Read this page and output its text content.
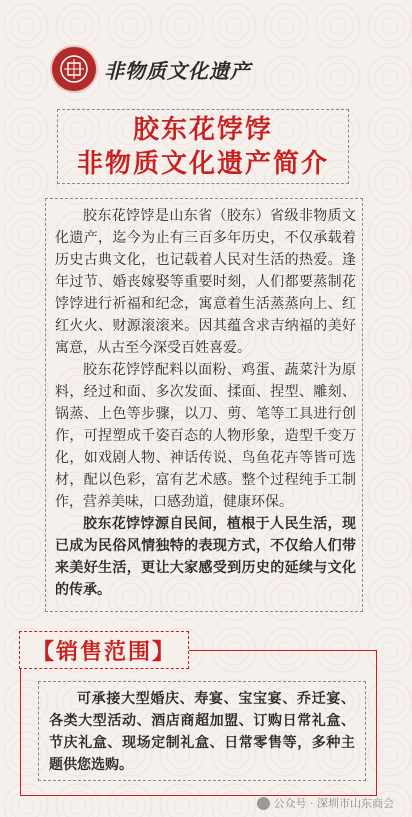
非物质文化遗产
胶东花饽饽
非物质文化遗产简介

胶东花饽饽是山东省（胶东）省级非物质文化遗产，迄今为止有三百多年历史，不仅承载着历史古典文化，也记载着人民对生活的热爱。逢年过节、婚丧嫁娶等重要时刻，人们都要蒸制花饽饽进行祈福和纪念，寓意着生活蒸蒸向上、红红火火、财源滚滚来。因其蕴含求吉纳福的美好寓意，从古至今深受百姓喜爱。

胶东花饽饽配料以面粉、鸡蛋、蔬菜汁为原料，经过和面、多次发面、揉面、捏型、雕刻、锅蒸、上色等步骤，以刀、剪、笔等工具进行创作，可捏塑成千姿百态的人物形象，造型千变万化，如戏剧人物、神话传说、鸟鱼花卉等皆可选材，配以色彩，富有艺术感。整个过程纯手工制作，营养美味，口感劲道，健康环保。

胶东花饽饽源自民间，植根于人民生活，现已成为民俗风情独特的表现方式，不仅给人们带来美好生活，更让大家感受到历史的延续与文化的传承。

【销售范围】

可承接大型婚庆、寿宴、宝宝宴、乔迁宴、各类大型活动、酒店商超加盟、订购日常礼盒、节庆礼盒、现场定制礼盒、日常零售等，多种主题供您选购。

公众号 · 深圳市山东商会
